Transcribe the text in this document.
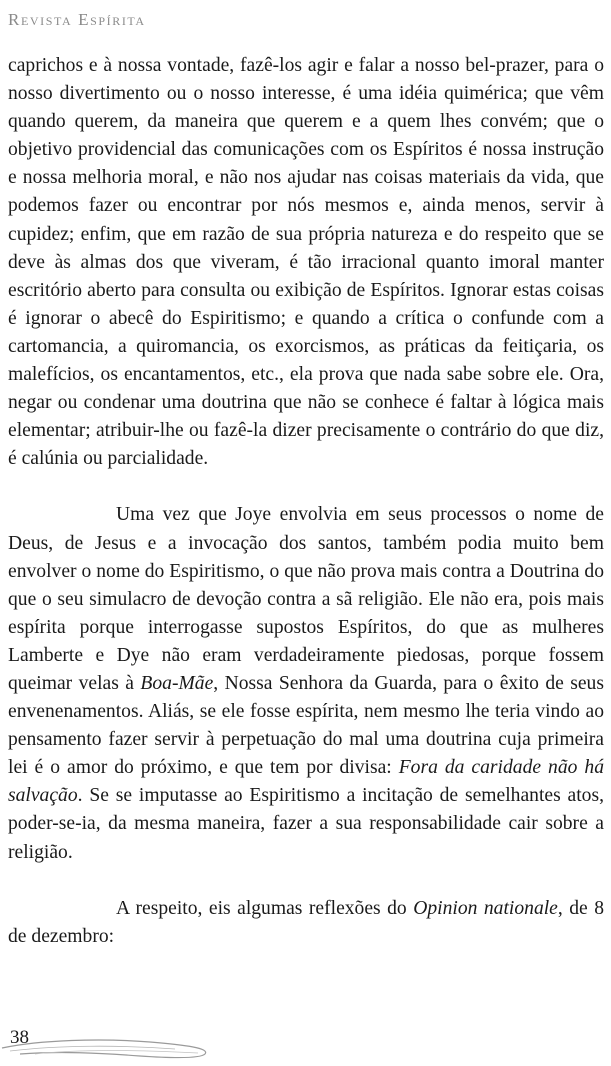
Revista Espírita

caprichos e à nossa vontade, fazê-los agir e falar a nosso bel-prazer, para o nosso divertimento ou o nosso interesse, é uma idéia quimérica; que vêm quando querem, da maneira que querem e a quem lhes convém; que o objetivo providencial das comunicações com os Espíritos é nossa instrução e nossa melhoria moral, e não nos ajudar nas coisas materiais da vida, que podemos fazer ou encontrar por nós mesmos e, ainda menos, servir à cupidez; enfim, que em razão de sua própria natureza e do respeito que se deve às almas dos que viveram, é tão irracional quanto imoral manter escritório aberto para consulta ou exibição de Espíritos. Ignorar estas coisas é ignorar o abecê do Espiritismo; e quando a crítica o confunde com a cartomancia, a quiromancia, os exorcismos, as práticas da feitiçaria, os malefícios, os encantamentos, etc., ela prova que nada sabe sobre ele. Ora, negar ou condenar uma doutrina que não se conhece é faltar à lógica mais elementar; atribuir-lhe ou fazê-la dizer precisamente o contrário do que diz, é calúnia ou parcialidade.

Uma vez que Joye envolvia em seus processos o nome de Deus, de Jesus e a invocação dos santos, também podia muito bem envolver o nome do Espiritismo, o que não prova mais contra a Doutrina do que o seu simulacro de devoção contra a sã religião. Ele não era, pois mais espírita porque interrogasse supostos Espíritos, do que as mulheres Lamberte e Dye não eram verdadeiramente piedosas, porque fossem queimar velas à Boa-Mãe, Nossa Senhora da Guarda, para o êxito de seus envenenamentos. Aliás, se ele fosse espírita, nem mesmo lhe teria vindo ao pensamento fazer servir à perpetuação do mal uma doutrina cuja primeira lei é o amor do próximo, e que tem por divisa: Fora da caridade não há salvação. Se se imputasse ao Espiritismo a incitação de semelhantes atos, poder-se-ia, da mesma maneira, fazer a sua responsabilidade cair sobre a religião.

A respeito, eis algumas reflexões do Opinion nationale, de 8 de dezembro:

38
